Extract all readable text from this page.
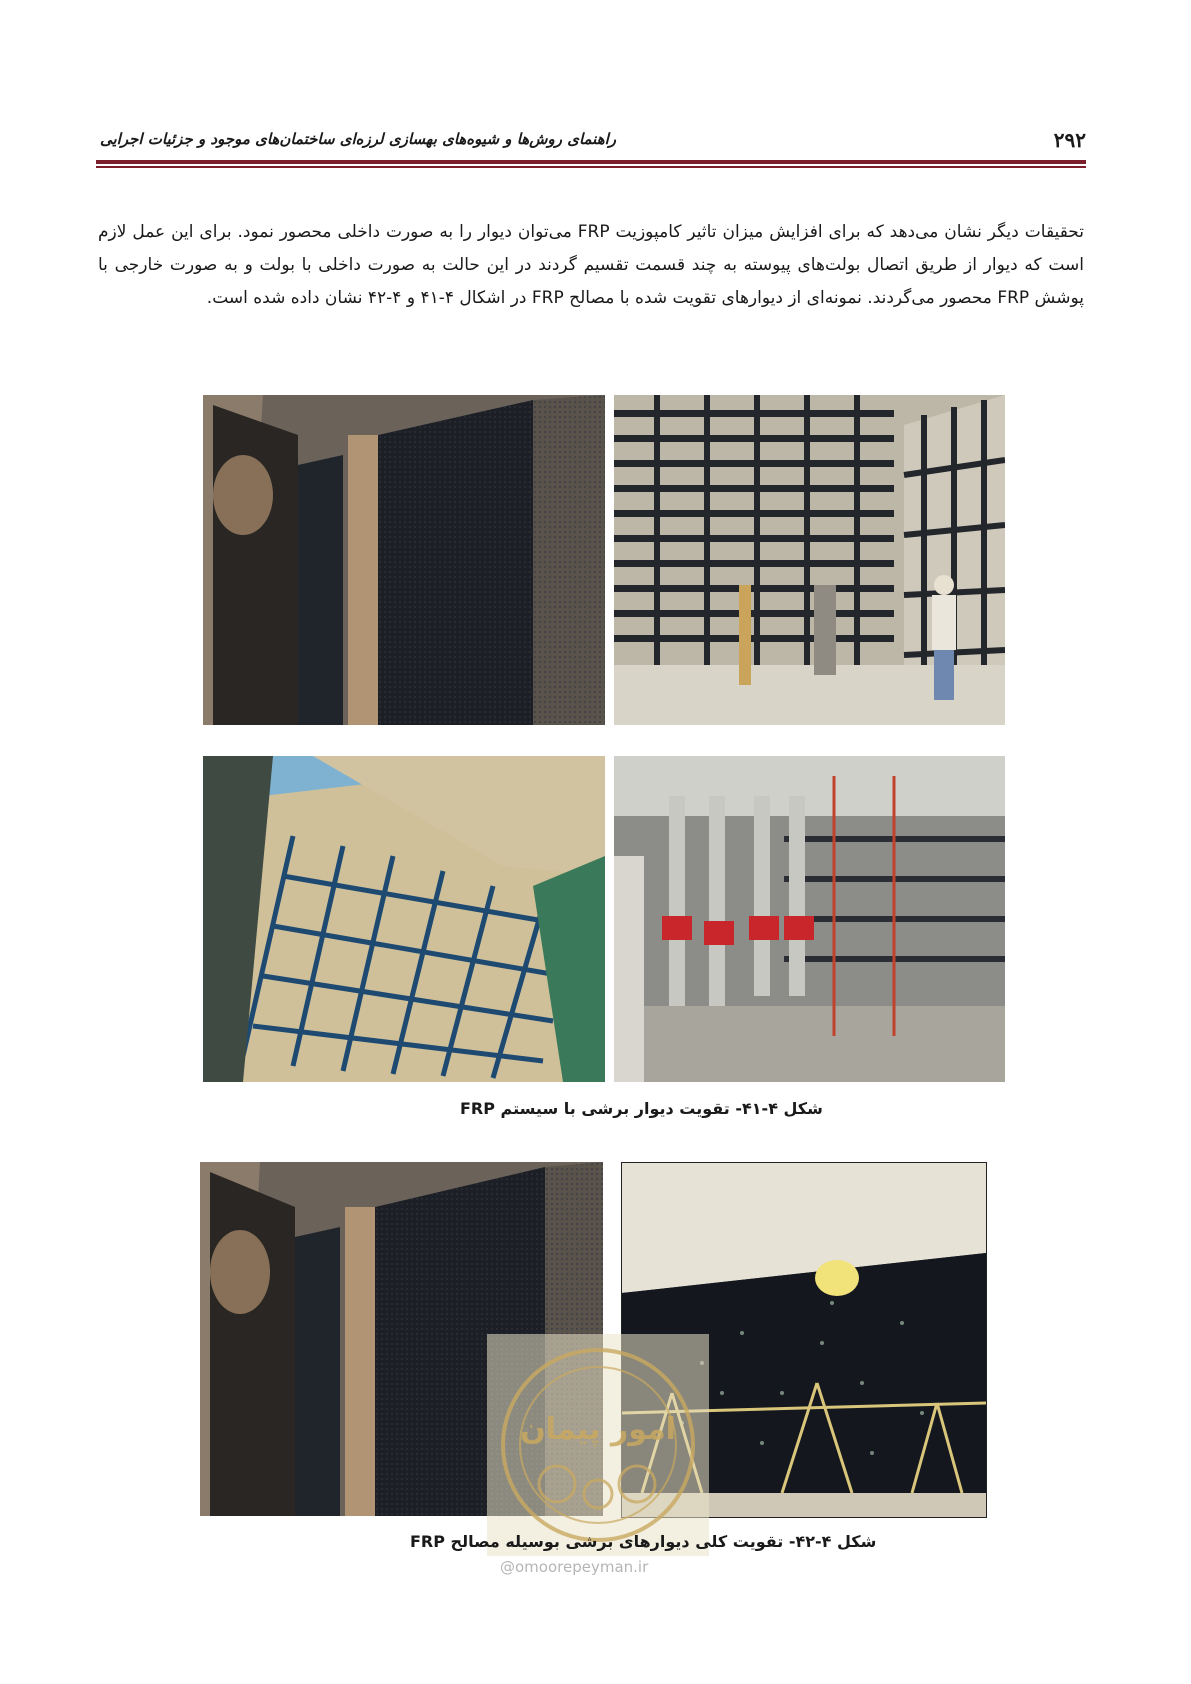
۲۹۲
راهنمای روش‌ها و شیوه‌های بهسازی لرزه‌ای ساختمان‌های موجود و جزئیات اجرایی

تحقیقات دیگر نشان می‌دهد که برای افزایش میزان تاثیر کامپوزیت FRP می‌توان دیوار را به صورت داخلی محصور نمود. برای این عمل لازم است که دیوار از طریق اتصال بولت‌های پیوسته به چند قسمت تقسیم گردند در این حالت به صورت داخلی با بولت و به صورت خارجی با پوشش FRP محصور می‌گردند. نمونه‌ای از دیوارهای تقویت شده با مصالح FRP در اشکال ۴-۴۱ و ۴-۴۲ نشان داده شده است.

شکل ۴-۴۱- تقویت دیوار برشی با سیستم FRP
امور پیمان
@omoorepeyman.ir
شکل ۴-۴۲- تقویت کلی دیوارهای برشی بوسیله مصالح FRP
